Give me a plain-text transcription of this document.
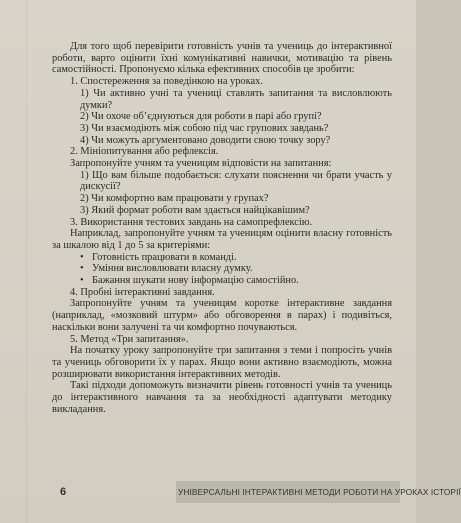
Для того щоб перевірити готовність учнів та учениць до інтерактивної роботи, варто оцінити їхні комунікативні навички, мотивацію та рівень самостійності. Пропонуємо кілька ефективних способів це зробити:

1. Спостереження за поведінкою на уроках.

1) Чи активно учні та учениці ставлять запитання та висловлюють думки?

2) Чи охоче об’єднуються для роботи в парі або групі?

3) Чи взаємодіють між собою під час групових завдань?

4) Чи можуть аргументовано доводити свою точку зору?

2. Мініопитування або рефлексія.

Запропонуйте учням та ученицям відповісти на запитання:

1) Що вам більше подобається: слухати пояснення чи брати участь у дискусії?

2) Чи комфортно вам працювати у групах?

3) Який формат роботи вам здається найцікавішим?

3. Використання тестових завдань на самопрефлексію.

Наприклад, запропонуйте учням та ученицям оцінити власну готовність за шкалою від 1 до 5 за критеріями:

• Готовність працювати в команді.

• Уміння висловлювати власну думку.

• Бажання шукати нову інформацію самостійно.

4. Пробні інтерактивні завдання.

Запропонуйте учням та ученицям коротке інтерактивне завдання (наприклад, «мозковий штурм» або обговорення в парах) і подивіться, наскільки вони залучені та чи комфортно почуваються.

5. Метод «Три запитання».

На початку уроку запропонуйте три запитання з теми і попросіть учнів та учениць обговорити їх у парах. Якщо вони активно взаємодіють, можна розширювати використання інтерактивних методів.

Такі підходи допоможуть визначити рівень готовності учнів та учениць до інтерактивного навчання та за необхідності адаптувати методику викладання.

6	УНІВЕРСАЛЬНІ ІНТЕРАКТИВНІ МЕТОДИ РОБОТИ НА УРОКАХ ІСТОРІЇ
